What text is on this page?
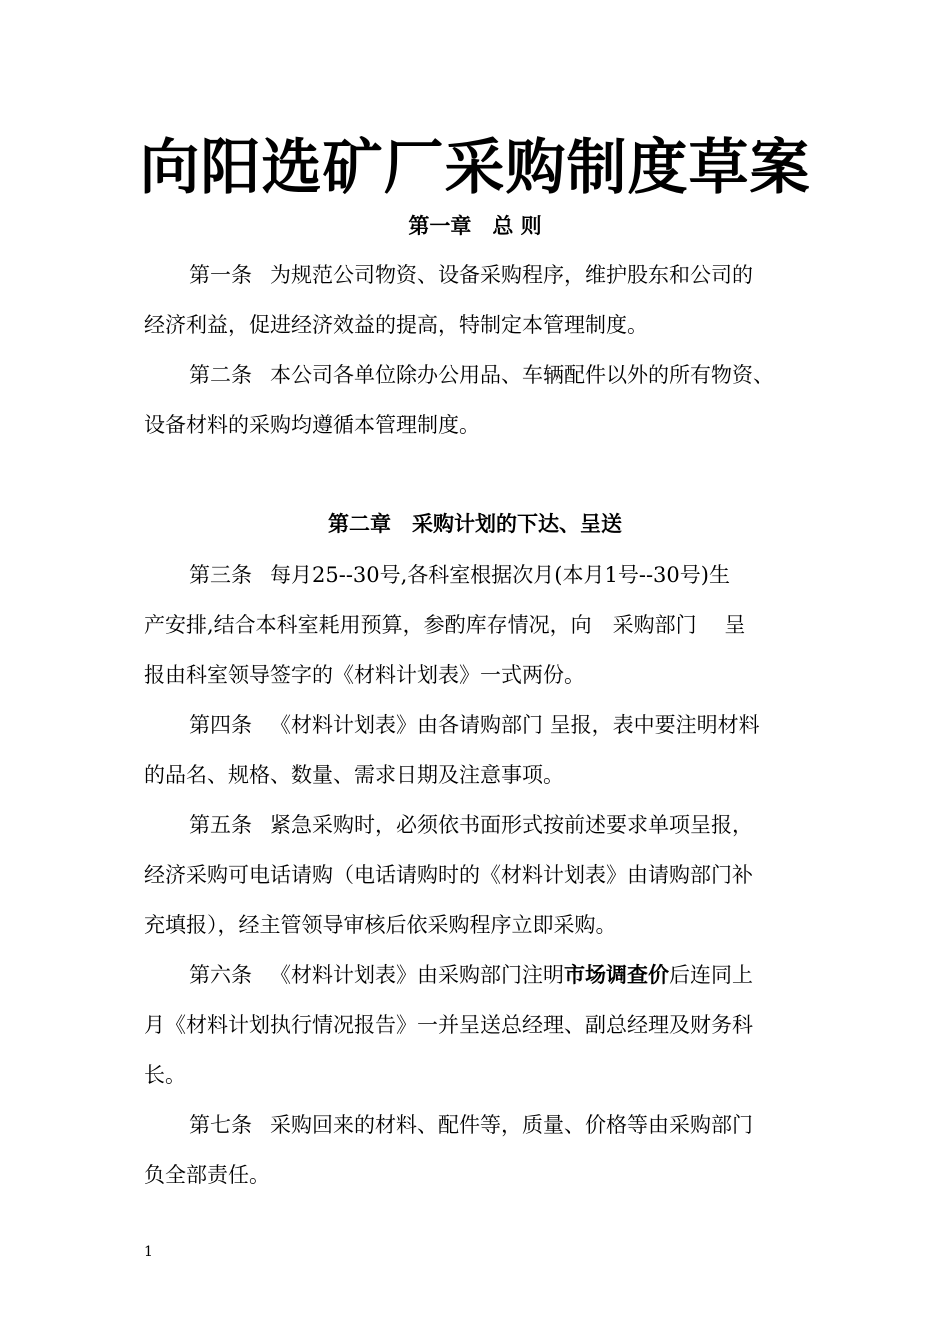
向阳选矿厂采购制度草案
第一章　总 则
第一条 为规范公司物资、设备采购程序，维护股东和公司的
经济利益，促进经济效益的提高，特制定本管理制度。
第二条 本公司各单位除办公用品、车辆配件以外的所有物资、
设备材料的采购均遵循本管理制度。
第二章　采购计划的下达、呈送
第三条 每月25--30号,各科室根据次月(本月1号--30号)生
产安排,结合本科室耗用预算，参酌库存情况，向　采购部门　 呈
报由科室领导签字的《材料计划表》一式两份。
第四条 《材料计划表》由各请购部门 呈报，表中要注明材料
的品名、规格、数量、需求日期及注意事项。
第五条 紧急采购时，必须依书面形式按前述要求单项呈报，
经济采购可电话请购（电话请购时的《材料计划表》由请购部门补
充填报），经主管领导审核后依采购程序立即采购。
第六条 《材料计划表》由采购部门注明市场调查价后连同上
月《材料计划执行情况报告》一并呈送总经理、副总经理及财务科
长。
第七条 采购回来的材料、配件等，质量、价格等由采购部门
负全部责任。
1
